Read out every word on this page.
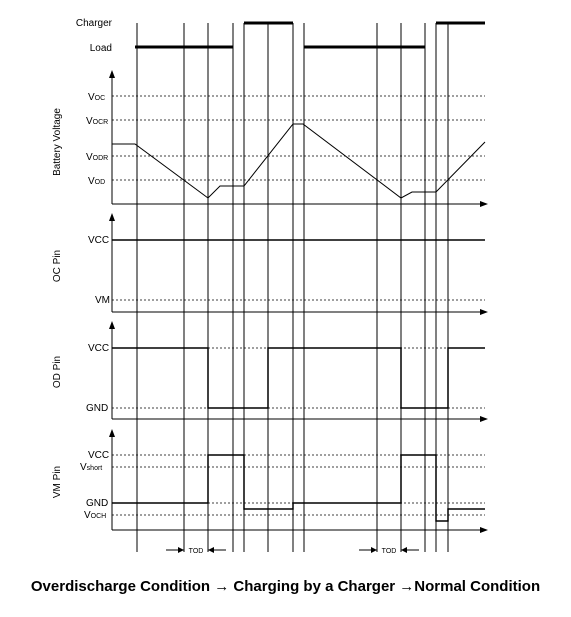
Charger
Load
VOC
VOCR
VODR
VOD
Battery Voltage
VCC
VM
OC Pin
VCC
GND
OD Pin
VCC
Vshort
GND
VOCH
VM Pin
TOD	TOD
Overdischarge Condition → Charging by a Charger →Normal Condition
